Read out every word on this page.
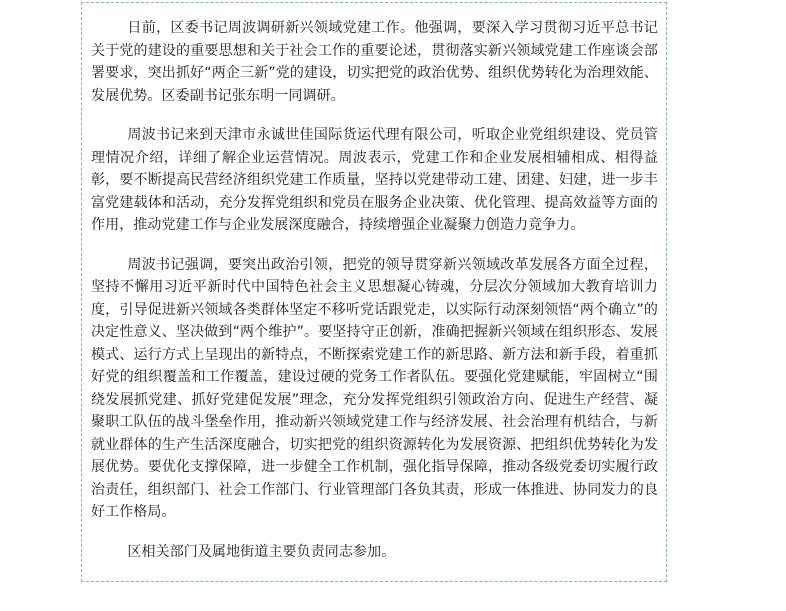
日前，区委书记周波调研新兴领域党建工作。他强调，要深入学习贯彻习近平总书记关于党的建设的重要思想和关于社会工作的重要论述，贯彻落实新兴领域党建工作座谈会部署要求，突出抓好“两企三新”党的建设，切实把党的政治优势、组织优势转化为治理效能、发展优势。区委副书记张东明一同调研。

周波书记来到天津市永诚世佳国际货运代理有限公司，听取企业党组织建设、党员管理情况介绍，详细了解企业运营情况。周波表示，党建工作和企业发展相辅相成、相得益彰，要不断提高民营经济组织党建工作质量，坚持以党建带动工建、团建、妇建，进一步丰富党建载体和活动，充分发挥党组织和党员在服务企业决策、优化管理、提高效益等方面的作用，推动党建工作与企业发展深度融合，持续增强企业凝聚力创造力竞争力。

周波书记强调，要突出政治引领，把党的领导贯穿新兴领域改革发展各方面全过程，坚持不懈用习近平新时代中国特色社会主义思想凝心铸魂，分层次分领域加大教育培训力度，引导促进新兴领域各类群体坚定不移听党话跟党走，以实际行动深刻领悟“两个确立”的决定性意义、坚决做到“两个维护”。要坚持守正创新，准确把握新兴领域在组织形态、发展模式、运行方式上呈现出的新特点，不断探索党建工作的新思路、新方法和新手段，着重抓好党的组织覆盖和工作覆盖，建设过硬的党务工作者队伍。要强化党建赋能，牢固树立“围绕发展抓党建、抓好党建促发展”理念，充分发挥党组织引领政治方向、促进生产经营、凝聚职工队伍的战斗堡垒作用，推动新兴领域党建工作与经济发展、社会治理有机结合，与新就业群体的生产生活深度融合，切实把党的组织资源转化为发展资源、把组织优势转化为发展优势。要优化支撑保障，进一步健全工作机制，强化指导保障，推动各级党委切实履行政治责任，组织部门、社会工作部门、行业管理部门各负其责，形成一体推进、协同发力的良好工作格局。

区相关部门及属地街道主要负责同志参加。
